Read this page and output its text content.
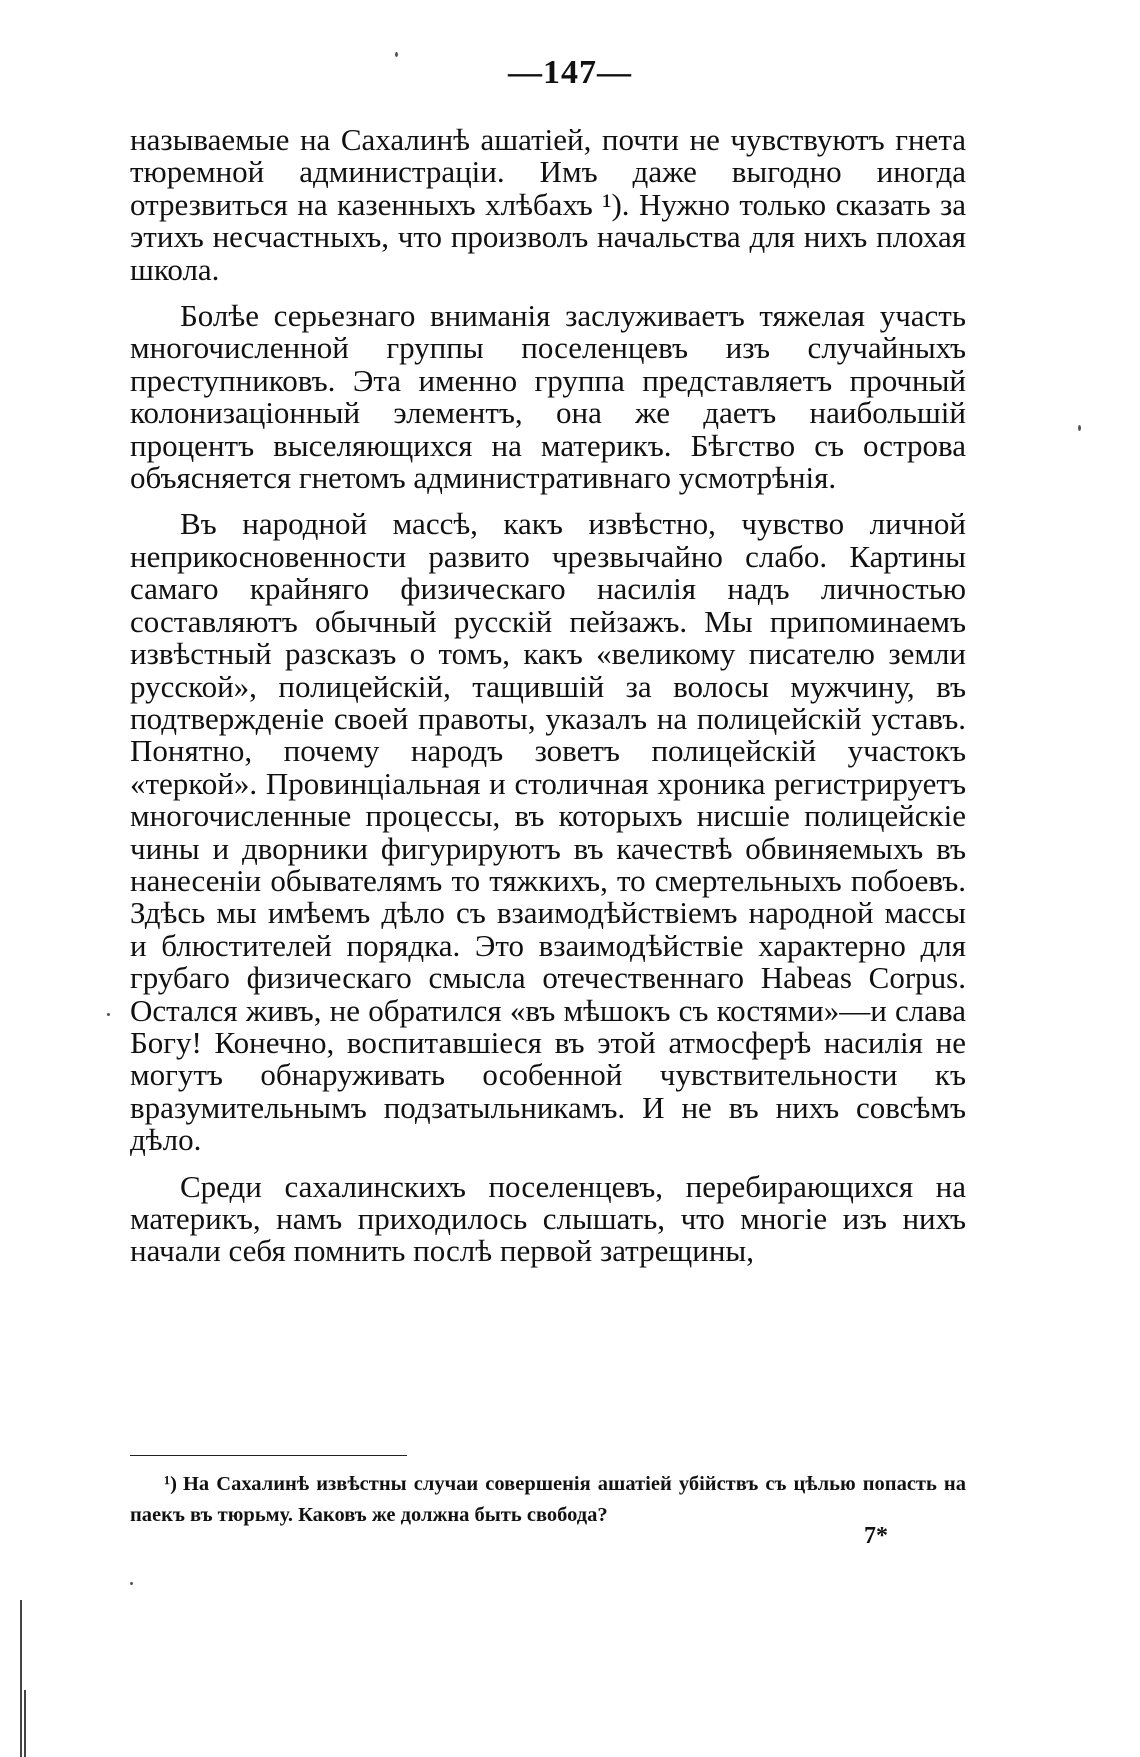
—147—

называемые на Сахалинѣ ашатіей, почти не чувствуютъ гнета тюремной администраціи. Имъ даже выгодно иногда отрезвиться на казенныхъ хлѣбахъ ¹). Нужно только сказать за этихъ несчастныхъ, что произволъ начальства для нихъ плохая школа.

Болѣе серьезнаго вниманія заслуживаетъ тяжелая участь многочисленной группы поселенцевъ изъ случайныхъ преступниковъ. Эта именно группа представляетъ прочный колонизаціонный элементъ, она же даетъ наибольшій процентъ выселяющихся на материкъ. Бѣгство съ острова объясняется гнетомъ административнаго усмотрѣнія.

Въ народной массѣ, какъ извѣстно, чувство личной неприкосновенности развито чрезвычайно слабо. Картины самаго крайняго физическаго насилія надъ личностью составляютъ обычный русскій пейзажъ. Мы припоминаемъ извѣстный разсказъ о томъ, какъ «великому писателю земли русской», полицейскій, тащившій за волосы мужчину, въ подтвержденіе своей правоты, указалъ на полицейскій уставъ. Понятно, почему народъ зоветъ полицейскій участокъ «теркой». Провинціальная и столичная хроника регистрируетъ многочисленные процессы, въ которыхъ нисшіе полицейскіе чины и дворники фигурируютъ въ качествѣ обвиняемыхъ въ нанесеніи обывателямъ то тяжкихъ, то смертельныхъ побоевъ. Здѣсь мы имѣемъ дѣло съ взаимодѣйствіемъ народной массы и блюстителей порядка. Это взаимодѣйствіе характерно для грубаго физическаго смысла отечественнаго Habeas Corpus. Остался живъ, не обратился «въ мѣшокъ съ костями»—и слава Богу! Конечно, воспитавшіеся въ этой атмосферѣ насилія не могутъ обнаруживать особенной чувствительности къ вразумительнымъ подзатыльникамъ. И не въ нихъ совсѣмъ дѣло.

Среди сахалинскихъ поселенцевъ, перебирающихся на материкъ, намъ приходилось слышать, что многіе изъ нихъ начали себя помнить послѣ первой затрещины,

¹) На Сахалинѣ извѣстны случаи совершенія ашатіей убійствъ съ цѣлью попасть на паекъ въ тюрьму. Каковъ же должна быть свобода?
7*
